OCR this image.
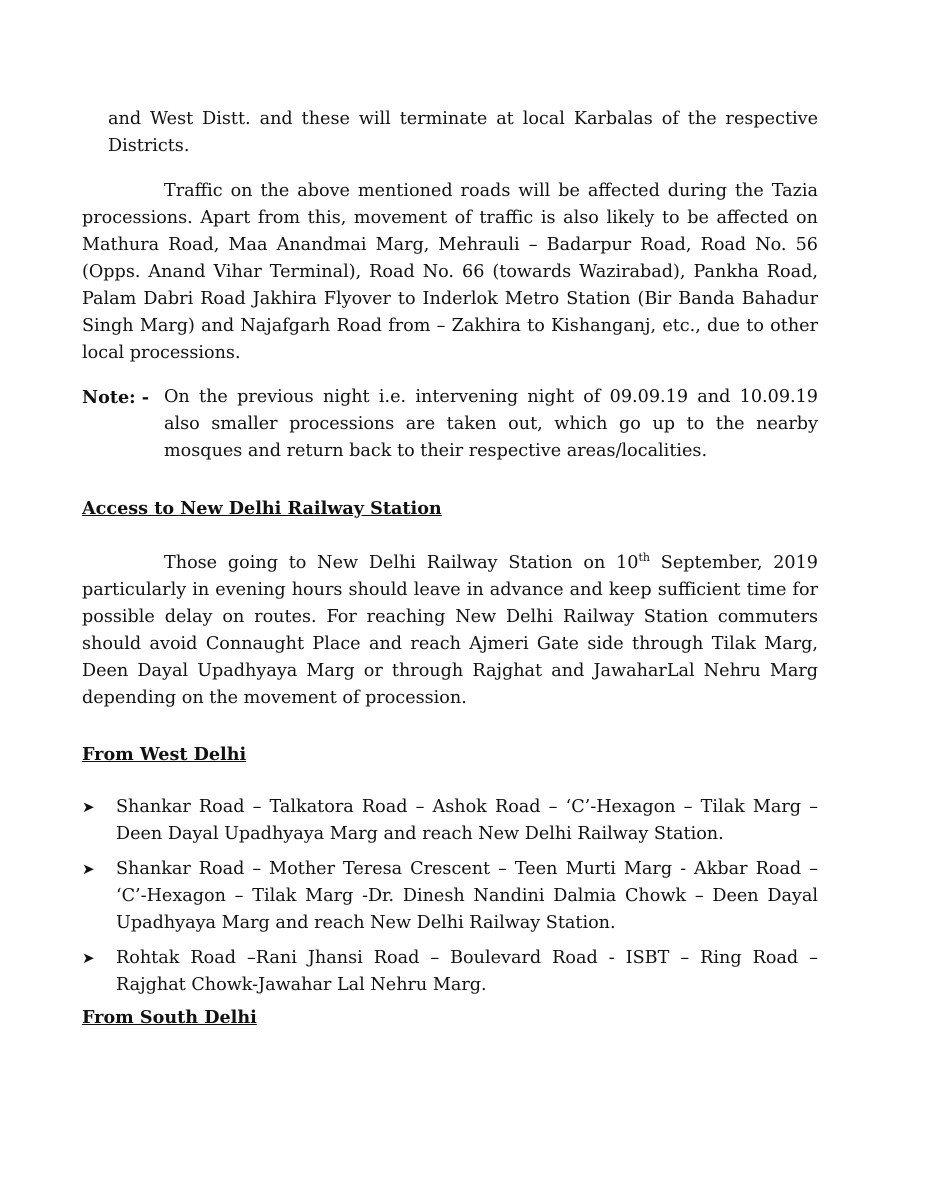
and West Distt. and these will terminate at local Karbalas of the respective Districts.

Traffic on the above mentioned roads will be affected during the Tazia processions. Apart from this, movement of traffic is also likely to be affected on Mathura Road, Maa Anandmai Marg, Mehrauli – Badarpur Road, Road No. 56 (Opps. Anand Vihar Terminal), Road No. 66 (towards Wazirabad), Pankha Road, Palam Dabri Road Jakhira Flyover to Inderlok Metro Station (Bir Banda Bahadur Singh Marg) and Najafgarh Road from – Zakhira to Kishanganj, etc., due to other local processions.

Note: - On the previous night i.e. intervening night of 09.09.19 and 10.09.19 also smaller processions are taken out, which go up to the nearby mosques and return back to their respective areas/localities.
Access to New Delhi Railway Station

Those going to New Delhi Railway Station on 10th September, 2019 particularly in evening hours should leave in advance and keep sufficient time for possible delay on routes. For reaching New Delhi Railway Station commuters should avoid Connaught Place and reach Ajmeri Gate side through Tilak Marg, Deen Dayal Upadhyaya Marg or through Rajghat and JawaharLal Nehru Marg depending on the movement of procession.

From West Delhi
➤	Shankar Road – Talkatora Road – Ashok Road – ‘C’-Hexagon – Tilak Marg – Deen Dayal Upadhyaya Marg and reach New Delhi Railway Station.
➤	Shankar Road – Mother Teresa Crescent – Teen Murti Marg - Akbar Road – ‘C’-Hexagon – Tilak Marg -Dr. Dinesh Nandini Dalmia Chowk – Deen Dayal Upadhyaya Marg and reach New Delhi Railway Station.
➤	Rohtak Road –Rani Jhansi Road – Boulevard Road - ISBT – Ring Road – Rajghat Chowk-Jawahar Lal Nehru Marg.
From South Delhi
